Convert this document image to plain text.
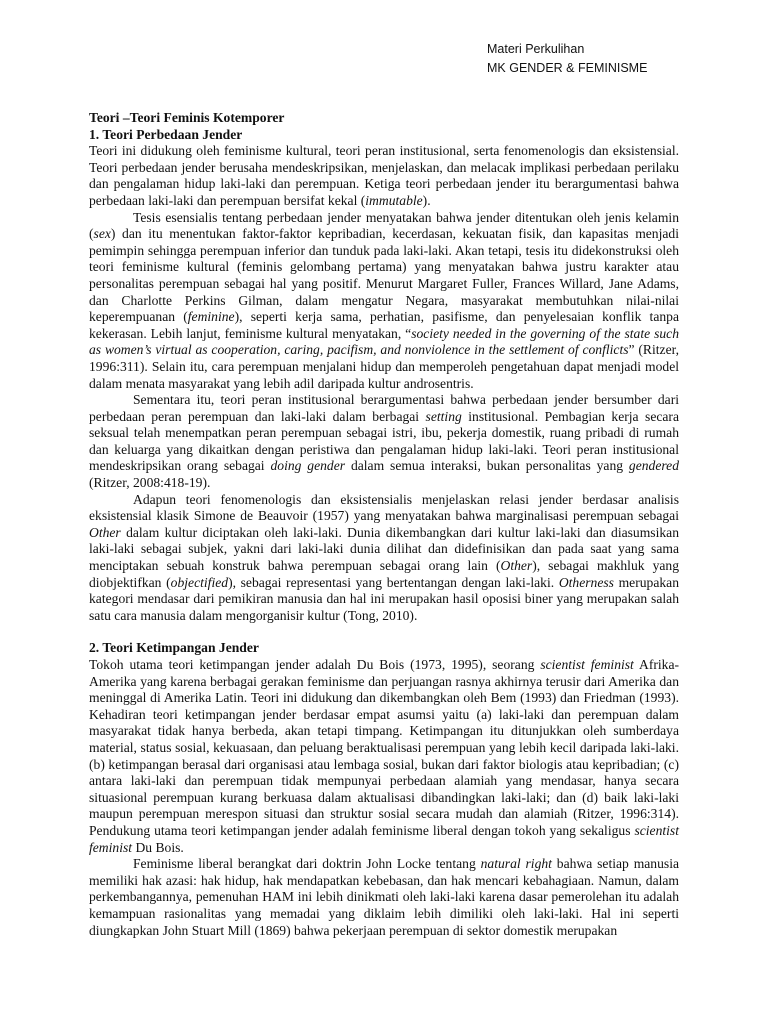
Materi Perkulihan
MK GENDER & FEMINISME
Teori –Teori Feminis Kotemporer
1. Teori Perbedaan Jender

Teori ini didukung oleh feminisme kultural, teori peran institusional, serta fenomenologis dan eksistensial. Teori perbedaan jender berusaha mendeskripsikan, menjelaskan, dan melacak implikasi perbedaan perilaku dan pengalaman hidup laki-laki dan perempuan. Ketiga teori perbedaan jender itu berargumentasi bahwa perbedaan laki-laki dan perempuan bersifat kekal (immutable).

Tesis esensialis tentang perbedaan jender menyatakan bahwa jender ditentukan oleh jenis kelamin (sex) dan itu menentukan faktor-faktor kepribadian, kecerdasan, kekuatan fisik, dan kapasitas menjadi pemimpin sehingga perempuan inferior dan tunduk pada laki-laki. Akan tetapi, tesis itu didekonstruksi oleh teori feminisme kultural (feminis gelombang pertama) yang menyatakan bahwa justru karakter atau personalitas perempuan sebagai hal yang positif. Menurut Margaret Fuller, Frances Willard, Jane Adams, dan Charlotte Perkins Gilman, dalam mengatur Negara, masyarakat membutuhkan nilai-nilai keperempuanan (feminine), seperti kerja sama, perhatian, pasifisme, dan penyelesaian konflik tanpa kekerasan. Lebih lanjut, feminisme kultural menyatakan, “society needed in the governing of the state such as women’s virtual as cooperation, caring, pacifism, and nonviolence in the settlement of conflicts” (Ritzer, 1996:311). Selain itu, cara perempuan menjalani hidup dan memperoleh pengetahuan dapat menjadi model dalam menata masyarakat yang lebih adil daripada kultur androsentris.

Sementara itu, teori peran institusional berargumentasi bahwa perbedaan jender bersumber dari perbedaan peran perempuan dan laki-laki dalam berbagai setting institusional. Pembagian kerja secara seksual telah menempatkan peran perempuan sebagai istri, ibu, pekerja domestik, ruang pribadi di rumah dan keluarga yang dikaitkan dengan peristiwa dan pengalaman hidup laki-laki. Teori peran institusional mendeskripsikan orang sebagai doing gender dalam semua interaksi, bukan personalitas yang gendered (Ritzer, 2008:418-19).

Adapun teori fenomenologis dan eksistensialis menjelaskan relasi jender berdasar analisis eksistensial klasik Simone de Beauvoir (1957) yang menyatakan bahwa marginalisasi perempuan sebagai Other dalam kultur diciptakan oleh laki-laki. Dunia dikembangkan dari kultur laki-laki dan diasumsikan laki-laki sebagai subjek, yakni dari laki-laki dunia dilihat dan didefinisikan dan pada saat yang sama menciptakan sebuah konstruk bahwa perempuan sebagai orang lain (Other), sebagai makhluk yang diobjektifkan (objectified), sebagai representasi yang bertentangan dengan laki-laki. Otherness merupakan kategori mendasar dari pemikiran manusia dan hal ini merupakan hasil oposisi biner yang merupakan salah satu cara manusia dalam mengorganisir kultur (Tong, 2010).

2. Teori Ketimpangan Jender

Tokoh utama teori ketimpangan jender adalah Du Bois (1973, 1995), seorang scientist feminist Afrika-Amerika yang karena berbagai gerakan feminisme dan perjuangan rasnya akhirnya terusir dari Amerika dan meninggal di Amerika Latin. Teori ini didukung dan dikembangkan oleh Bem (1993) dan Friedman (1993). Kehadiran teori ketimpangan jender berdasar empat asumsi yaitu (a) laki-laki dan perempuan dalam masyarakat tidak hanya berbeda, akan tetapi timpang. Ketimpangan itu ditunjukkan oleh sumberdaya material, status sosial, kekuasaan, dan peluang beraktualisasi perempuan yang lebih kecil daripada laki-laki. (b) ketimpangan berasal dari organisasi atau lembaga sosial, bukan dari faktor biologis atau kepribadian; (c) antara laki-laki dan perempuan tidak mempunyai perbedaan alamiah yang mendasar, hanya secara situasional perempuan kurang berkuasa dalam aktualisasi dibandingkan laki-laki; dan (d) baik laki-laki maupun perempuan merespon situasi dan struktur sosial secara mudah dan alamiah (Ritzer, 1996:314). Pendukung utama teori ketimpangan jender adalah feminisme liberal dengan tokoh yang sekaligus scientist feminist Du Bois.

Feminisme liberal berangkat dari doktrin John Locke tentang natural right bahwa setiap manusia memiliki hak azasi: hak hidup, hak mendapatkan kebebasan, dan hak mencari kebahagiaan. Namun, dalam perkembangannya, pemenuhan HAM ini lebih dinikmati oleh laki-laki karena dasar pemerolehan itu adalah kemampuan rasionalitas yang memadai yang diklaim lebih dimiliki oleh laki-laki. Hal ini seperti diungkapkan John Stuart Mill (1869) bahwa pekerjaan perempuan di sektor domestik merupakan
